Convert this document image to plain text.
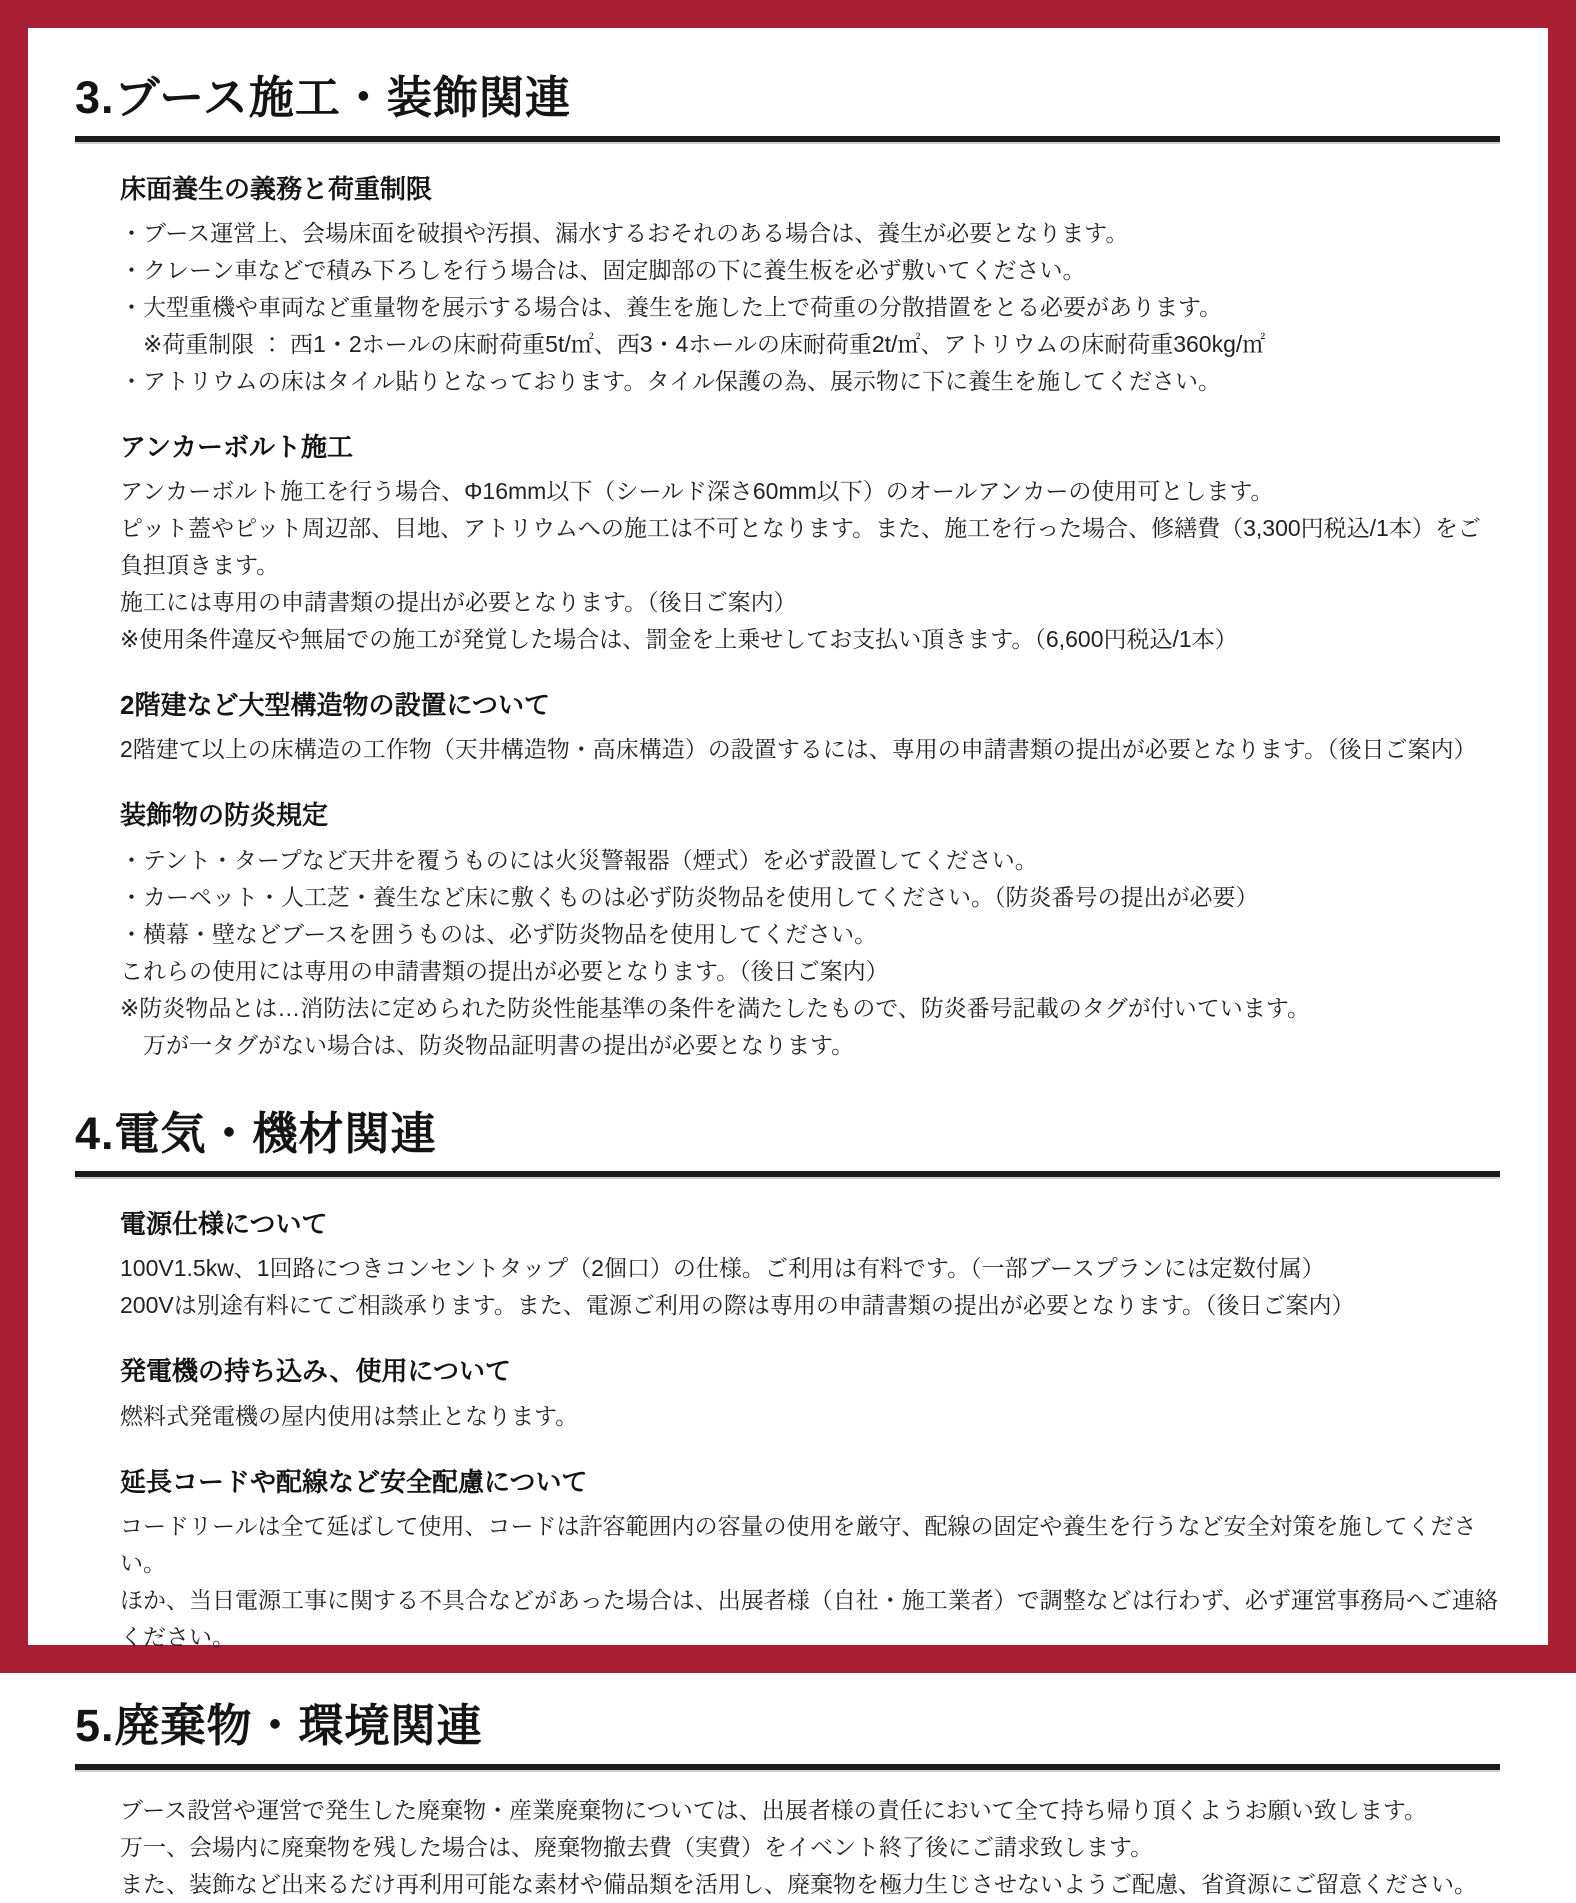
3.ブース施工・装飾関連
床面養生の義務と荷重制限

・ブース運営上、会場床面を破損や汚損、漏水するおそれのある場合は、養生が必要となります。

・クレーン車などで積み下ろしを行う場合は、固定脚部の下に養生板を必ず敷いてください。

・大型重機や車両など重量物を展示する場合は、養生を施した上で荷重の分散措置をとる必要があります。

　※荷重制限 ： 西1・2ホールの床耐荷重5t/㎡、西3・4ホールの床耐荷重2t/㎡、アトリウムの床耐荷重360kg/㎡

・アトリウムの床はタイル貼りとなっております。タイル保護の為、展示物に下に養生を施してください。

アンカーボルト施工

アンカーボルト施工を行う場合、Φ16mm以下（シールド深さ60mm以下）のオールアンカーの使用可とします。

ピット蓋やピット周辺部、目地、アトリウムへの施工は不可となります。また、施工を行った場合、修繕費（3,300円税込/1本）をご負担頂きます。

施工には専用の申請書類の提出が必要となります。（後日ご案内）

※使用条件違反や無届での施工が発覚した場合は、罰金を上乗せしてお支払い頂きます。（6,600円税込/1本）

2階建など大型構造物の設置について

2階建て以上の床構造の工作物（天井構造物・高床構造）の設置するには、専用の申請書類の提出が必要となります。（後日ご案内）

装飾物の防炎規定

・テント・タープなど天井を覆うものには火災警報器（煙式）を必ず設置してください。

・カーペット・人工芝・養生など床に敷くものは必ず防炎物品を使用してください。（防炎番号の提出が必要）

・横幕・壁などブースを囲うものは、必ず防炎物品を使用してください。

これらの使用には専用の申請書類の提出が必要となります。（後日ご案内）

※防炎物品とは…消防法に定められた防炎性能基準の条件を満たしたもので、防炎番号記載のタグが付いています。

　万が一タグがない場合は、防炎物品証明書の提出が必要となります。

4.電気・機材関連
電源仕様について

100V1.5kw、1回路につきコンセントタップ（2個口）の仕様。ご利用は有料です。（一部ブースプランには定数付属）

200Vは別途有料にてご相談承ります。また、電源ご利用の際は専用の申請書類の提出が必要となります。（後日ご案内）

発電機の持ち込み、使用について

燃料式発電機の屋内使用は禁止となります。

延長コードや配線など安全配慮について

コードリールは全て延ばして使用、コードは許容範囲内の容量の使用を厳守、配線の固定や養生を行うなど安全対策を施してください。

ほか、当日電源工事に関する不具合などがあった場合は、出展者様（自社・施工業者）で調整などは行わず、必ず運営事務局へご連絡ください。

5.廃棄物・環境関連

ブース設営や運営で発生した廃棄物・産業廃棄物については、出展者様の責任において全て持ち帰り頂くようお願い致します。

万一、会場内に廃棄物を残した場合は、廃棄物撤去費（実費）をイベント終了後にご請求致します。

また、装飾など出来るだけ再利用可能な素材や備品類を活用し、廃棄物を極力生じさせないようご配慮、省資源にご留意ください。
